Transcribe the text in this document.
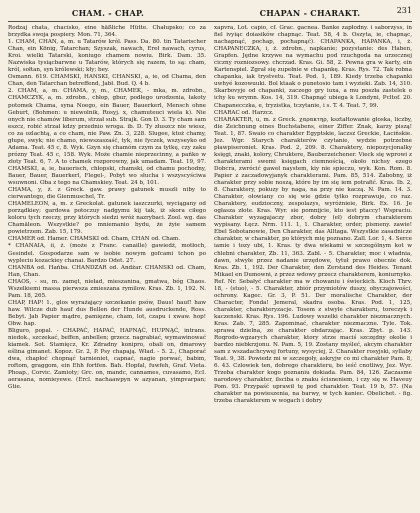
CHAM. - CHAP.	CHAPAN - CHARAKT.	231

Rodzaj chata, chacisko, eine häßliche Hütte. Chałupsko; co za brzydka swoja pospiery. Mon. 71, 364.

1. CHAM, CHAN, a, m. u Tatarów król. Pass. Da. 80. tin Tatarischer Chan, ein König, Tatarchan; Szyszak, nawach, Ereł nawach, cyrus, Kroi. wielki Tatarski, koniugo chamem nowiu. Birk. Dam. 35. Nazwiska tysiącbarwne u Tatarów, których się razem, to są: cham, król, sołtan, syn królewski; kły; bey.

Osmann. 619. CHAMSKI, HANSKI, CHANSKI, a, ie, od Chama, den Chan, den Tatarchan betreffend, Jabł. Bud. Q. 4 b.

2. CHAM, a, m. CHAMA, y, m., CHAMEK, - mka, m. zdrobn., CHAMCZYK, a, m. zdrobn., chłop, gbur, podłego urodzenia, łakoty potomek Chama, syna Noego, ein Bauer, Bauerkerl, Mensch ohne Geburt, (Bohmen: u niewolnik, Rosyj. x, chamuteuci wiela k). Nie onych nie chamów liberum, strzał sub. Strajk. Gon D. 3. Ty cham sam eszcz, robić strzał kdzy przednio wroga. ib. D. Ty złuszcz nie wiesz, co za ozlachtą, a co cham, nie Paw. Zn. 3, 228. Slugee, ktoż chamy, głupe, swyk; nie chamo, niewszaszaść, tyk, nie fyczek, wszyseyko od Adama. Teat. 45 c, 8. Wyk. Gzyn się chamóm czym za tytkę, czy zaku prózny Teat. 45 c, 158. Wyk. Może chamie nieprzecinny, a pańko w złoty Teat. 6, 7. A to chamek rozporowny, jak umadam. Teat. 19, 97. CHAMSKI, a, ie, bauerisch, chłopski, chamski, od chamu pochodny, Bauer, Bauer, Bauerkerl, Flegel-, Pobyt wo słucha i wszyscyściwa wsuwnoni. Oba z tego na Chamskiey. Teat. 24 b, 101.

CHAMA, y, ż. z Greck. gaw. prawy gatunek muszli niby to cierwantego, die Gienmuschel, Tr.

CHAMELEON, a, m. z Greckolat. gatunek iaszczurki, wyciągany od porządkiey; gardowa potoczuy nadgymu kij tak, iż skora ciłego koloru tych rzeczy, przy których siedzi wróż nazrybaci. Zool. wg. das Chamäleon. Wszystkie? po mniemanio bydu, że żyie samem powietrzem. Zab. 15, 179.

CHAMER od. Hamer. CHAMSKI od. Cham, CHAN od. Cham.

* CHANAIA, ii, ż. (może z Franc. canaille) gawiedź, motłoch, Gesindel. Gospodarze sam w isobie nowym gofcami tchon po wypleciu kozackiey chanai. Bardzo Odet. 27.

CHANBA od. Hańba. CHANDZAR od. Andżar. CHANSKI od. Cham, Han, Chan.

CHAOS, - su, m. zamęt, nieład, mieszanina, gmatwa, bóg Chaos. Wszelkiemi massa pierwsza zmieszana rymilow. Kras. Zb. 1, 192. N. Pam. 18, 265.

CHAP, HAP! 1., glos wyrażający szczekanie psów, Daus! hauf! haw haw. Wilcze dub hauf dus Bellen der Hunde ausdruckende, Ross. Bebyt. Jab Papier mądre, pamięzne, cham, lot, czapu i xwaw. hop! Obw. hap.

Bliguro, popal. - CHAPAĆ, HAPAĆ, HAPNĄĆ, HUPNĄĆ, intrans. niedok., szczekać, beffen, anbellen; grzecz. nagrabiać, wymawinować kiamek. Sot. Stamięcz, Kr. Zdradny konipro, obali on, dmarowy eślina gimanet. Kopoz. Gr. 2, P. Psy chapają. Wład. - 5. 2., Chaporać dwa, chapłoć chopnąć tarnieniet, capnać, nagie porwać, babim, roftom, graggom, ein Ehh fortfen. Bah. Hopfal, fuwfeh, Graf. Vieta. Phoap., Corvic. Zamioty; Grc. on, mandc, cannames, cuvasamo, EcI. aerasana, nomieyewe. (Ercl. nachaawpyn w azyanan, yimpvarpan; Gtie.

xapvra, Lot. capio, cf. Grac. gacnea. Banke zapłodny. i saborzyss, in fiel ivyiąc doiasików chapnąc. Teat. 58, 4 b. Oszyta, ie, chapnąc, nachapnąć, pochap, pochapnąć). CHAPANKA, HAPANKA, i, ż. CHAPANECZKA, i, ż. zdrobn., napkanie; pozystanie: des Haben, Grapfen. Jędne krzywe na wymachu pod rzuchgoda na urzecznej ciczny rozniozsowy. chcrzad. Kras. Gi. 58, 2. Pewna gra w karty, ein Kartenspiel. Zgrał się zupełnie w chapankę. Kras. Rys. 72. Tak robna chapanka, iak trystvetu. Teat. Pod. 1, 189. Kiedy trzeba chapanki uwhyé kozowuuki. Bol ktaak o punetosio tam i wyzieki. Zab. 14, 310. Skarbovyje od chapanki, zaczego gry iuxa, a mu poszła zastelek o ichy ku wrymn. Kos. 14, 319. Chapnąć ubiega k Londyni, Pcltof. 20. Chapanecczka, e, tryzistka, tczytanie, i s. T. 4. Teat. 7, 99.

CHARAC od. Harzcz.

CHARAKTER, u, m. z Greck. χαρακτηρ, kształtowanie głoska, liczby, die Zeichnung eines Buchstabens, einer Ziffer. Znak, karzy piszą! Teat. 1, 87. Swaio co charakter Egyptskie, laczsz Greckie, Łacińskie. Jez. Wgr. Starych charakterów czytanie, wydzie potrzebne pławpiseroniet. Kras. Pod. 2, 209. 8. Charaktery, niepozycjonalky księgi, znaki, kolory, Chruktere, Bauberzeichener. Vieck się wprowi z charakterami swemi księgach ciemnością, około nichsy ezego Dobcra, zwrócić gaweł naystem, kiy nie spieczu, wyk. Kon. Rom. 8. Papier z zaczadowyjanyk charakterami. Pam. 85, 514. Zabobny, iż charakter przy sobie noszą, które by im się iem potrafić. Kras. Ib. 2, 8. Charaktery, pokuzy by naga, na przy nie kaczą. N. Pam. 14. 3. Charakter, ołowiany co się wie gdzie tylko rozprawuje, co raz. Charaktery, eudzioczny, zespolazys, wyróżnieie, Birk. Ex. 16. Je ogłasza złote. Kras. Wyr. sie pomnijcie, kto iest ptaccy! Wspraciu. Charakter wyzagajaczy zbor, dobry (eł) dobrym charakterem wypisany. Łęcz. Nrm. 111. 1, 1. Charakter, order, pismeny. zawie! Ebel Sobotanowie, Den Charakter, das Alltaga. Wszystkie zasadnicze charakter, w charakter, po których mię poznano. Zall. Lor. 1, 4. Serce iamie i tozy ubi, 1. Kras. ty dwa wiekami w szczególnym kot w chlebni charakter, Zb. 11, 363. Zabl. - 5. Charakter, moc i władnia, dawn, stwyłe przez nadanie urzędowe, tytuł prawo obecnie dok. Kras. Zb. 1, 192. Der Charakter, den Zerstand des Heides. Tenant Mikael en Dumowni, z przez wdowy przecz charakterem, koniurnyko. Ref. Nr. Sebałyć charakter ma w chowaniu i świeckich. Kloch Thrv. 18, - (stuo), - 5. Charakter, zbiór przymiotów duszy, obyczajowości, ochrony. Kagec. Gr. 3, P. 51. Der moralische Charakter, der Character, Fonda! Jemeral, skadra osoba. Kras. Pod. 1, 125, charakter, charakteryzacje. Tosem z stwyłe charakteru, toreczyk i kaczenski. Kras. Rys. 196. Ludowy wszelki charakter niezmacznych. Kras. Zab. 7, 285. Zapominać, charakter niezmaczne. Tyle. Tok. sprawa dzielna, ze charakter obdarzając. Kras. Zbyt. p. 143. Roqrodo-wgzarych charakter, ktory strze maciś szczędny okolie i bardzo niebkrzjonu. N. Pam. 5, 19. Zostany myśleć, akcym charakter sam z wszadachcywej fortuny, wysyciej, 2. Charakter rosyjski, syllaby Teat. 9, 38. Powiedz mi w szczegoły, askryjw co mi charakter Pam. 8, 6. 43. Czlowiek ten, dobrego charakteru, bo ieść cnotliwy, Jez. Wyr. Trzeba charakter kogo poznaniu dokiada. Pam. 84, 126. Zaczasme narodowy charakter, ilsciba o znaku ścisneniem, i czy się w. Haveuy Pom. 93. Przypaść uprawił tę pod charakter. Teat. 19 b, 57. (Na charakter na powieszenia, na barwy, w tych kaniec. Obelichet. - fig. trzeba charakterem w wogach i dobry
